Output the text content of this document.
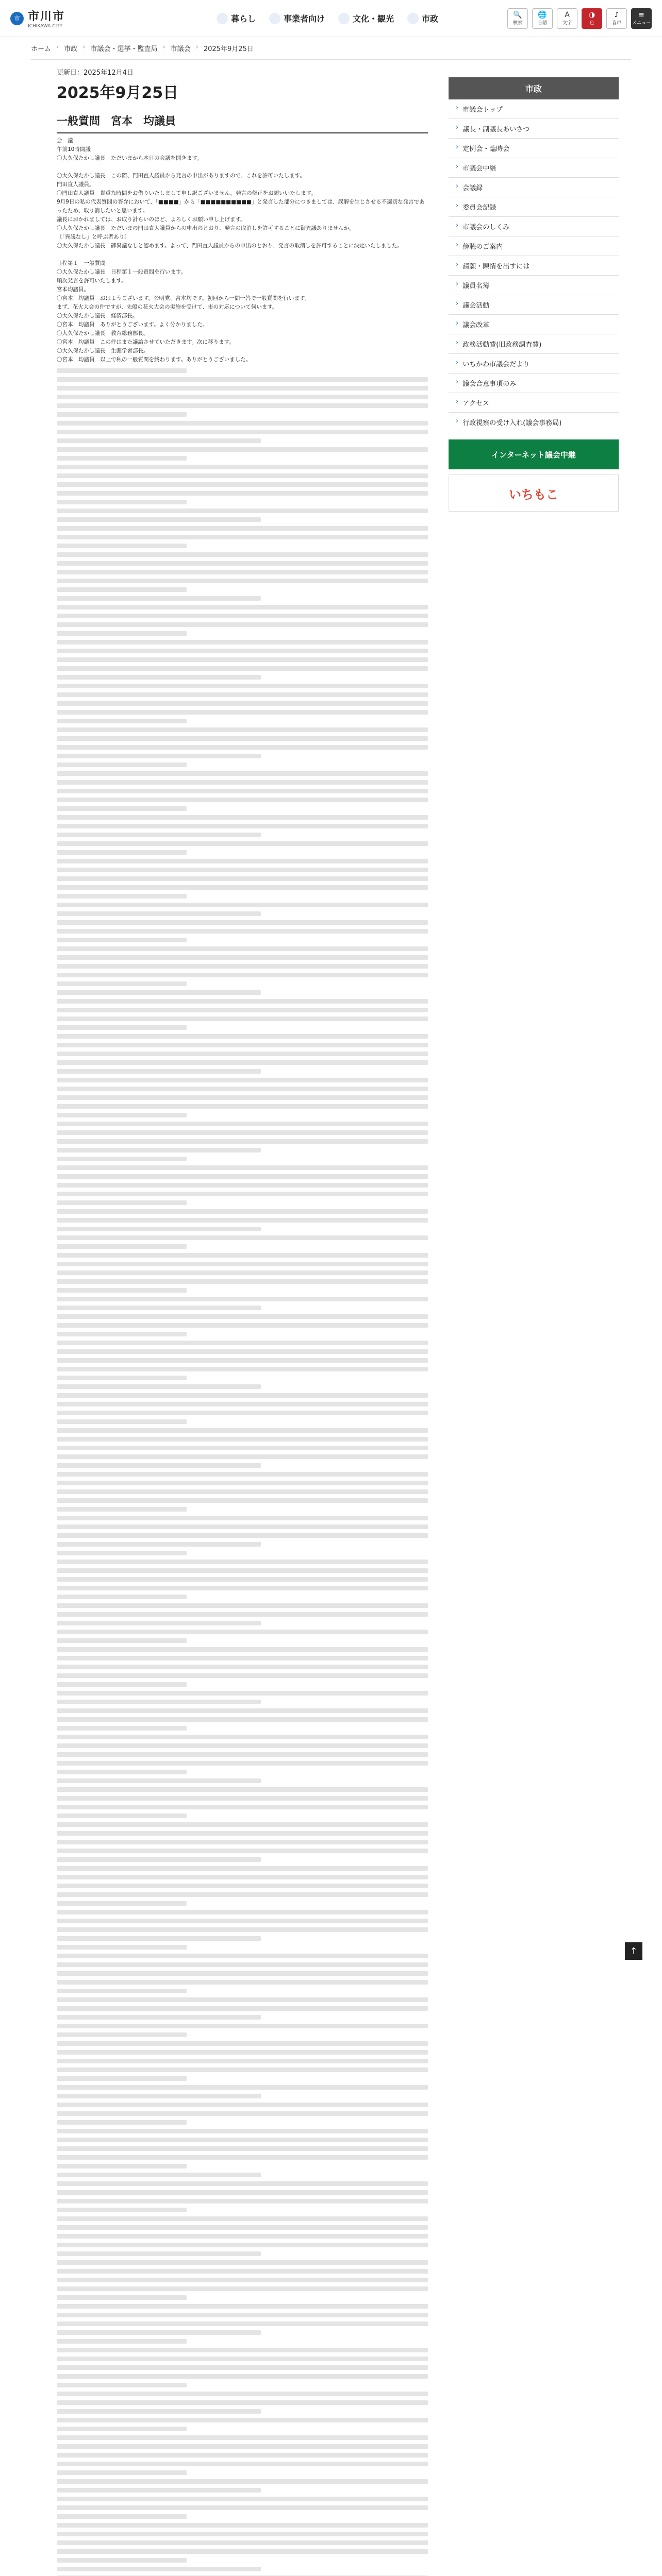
市 市川市
ICHIKAWA CITY
暮らし	事業者向け	文化・観光	市政	🔍
検索
🌐
言語
A
文字
◑
色
♪
音声
≡
メニュー
ホーム › 市政 › 市議会・選挙・監査局 › 市議会 › 2025年9月25日
更新日：2025年12月4日
2025年9月25日
一般質問　宮本　均議員
会　議
午前10時開議
〇大久保たかし議長　ただいまから本日の会議を開きます。

〇大久保たかし議長　この際、門田直人議員から発言の申出がありますので、これを許可いたします。
門田直人議員。
〇門田直人議員　貴重な時間をお借りいたしまして申し訳ございません。発言の修正をお願いいたします。
9月9日の私の代表質問の答弁において、「■■■■」から「■■■■■■■■■■」と発言した部分につきましては、誤解を生じさせる不適切な発言であったため、取り消したいと思います。
議長におかれましては、お取り計らいのほど、よろしくお願い申し上げます。
〇大久保たかし議長　ただいまの門田直人議員からの申出のとおり、発言の取消しを許可することに御異議ありませんか。
〔「異議なし」と呼ぶ者あり〕
〇大久保たかし議長　御異議なしと認めます。よって、門田直人議員からの申出のとおり、発言の取消しを許可することに決定いたしました。

日程第１　一般質問
〇大久保たかし議長　日程第１一般質問を行います。
順次発言を許可いたします。
宮本均議員。
〇宮本　均議員　おはようございます。公明党、宮本均です。初回から一問一答で一般質問を行います。
まず、花火大会の件ですが、先般の花火大会の実施を受けて、市の対応について伺います。
〇大久保たかし議長　経済部長。
〇宮本　均議員　ありがとうございます。よく分かりました。
〇大久保たかし議長　教育総務部長。
〇宮本　均議員　この件はまた議論させていただきます。次に移ります。
〇大久保たかし議長　生涯学習部長。
〇宮本　均議員　以上で私の一般質問を終わります。ありがとうございました。
市政
› 市議会トップ
› 議長・副議長あいさつ
› 定例会・臨時会
› 市議会中継
› 会議録
› 委員会記録
› 市議会のしくみ
› 傍聴のご案内
› 請願・陳情を出すには
› 議員名簿
› 議会活動
› 議会改革
› 政務活動費(旧政務調査費)
› いちかわ市議会だより
› 議会合意事項のみ
› アクセス
› 行政視察の受け入れ(議会事務局)
インターネット議会中継
いちもこ
↑
